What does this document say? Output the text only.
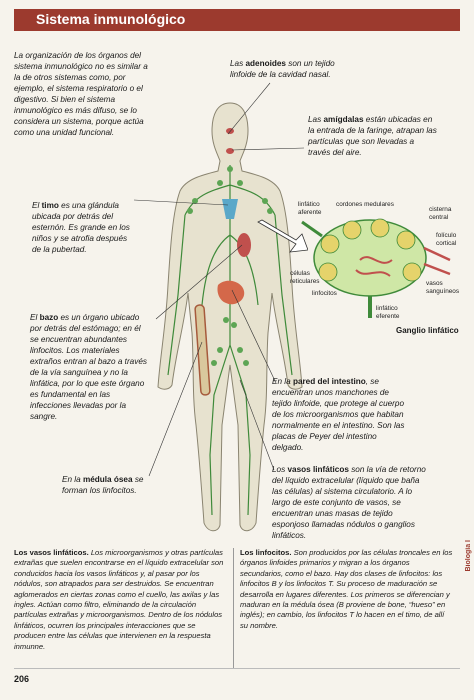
Sistema inmunológico
linfático aferente
cordones medulares
cisterna central
folículo cortical
células reticulares
linfocitos
vasos sanguíneos
linfático eferente
Ganglio linfático

La organización de los órganos del sistema inmunológico no es similar a la de otros sistemas como, por ejemplo, el sistema respiratorio o el digestivo. Si bien el sistema inmunológico es más difuso, se lo considera un sistema, porque actúa como una unidad funcional.

Las adenoides son un tejido linfoide de la cavidad nasal.

Las amígdalas están ubicadas en la entrada de la faringe, atrapan las partículas que son llevadas a través del aire.

El timo es una glándula ubicada por detrás del esternón. Es grande en los niños y se atrofia después de la pubertad.

El bazo es un órgano ubicado por detrás del estómago; en él se encuentran abundantes linfocitos. Los materiales extraños entran al bazo a través de la vía sanguínea y no la linfática, por lo que este órgano es fundamental en las infecciones llevadas por la sangre.

En la pared del intestino, se encuentran unos manchones de tejido linfoide, que protege al cuerpo de los microorganismos que habitan normalmente en el intestino. Son las placas de Peyer del intestino delgado.

En la médula ósea se forman los linfocitos.

Los vasos linfáticos son la vía de retorno del líquido extracelular (líquido que baña las células) al sistema circulatorio. A lo largo de este conjunto de vasos, se encuentran unas masas de tejido esponjoso llamadas nódulos o ganglios linfáticos.

Los vasos linfáticos. Los microorganismos y otras partículas extrañas que suelen encontrarse en el líquido extracelular son conducidos hacia los vasos linfáticos y, al pasar por los nódulos, son atrapados para ser destruidos. Se encuentran aglomerados en ciertas zonas como el cuello, las axilas y las ingles. Actúan como filtro, eliminando de la circulación partículas extrañas y microorganismos. Dentro de los nódulos linfáticos, ocurren los principales interacciones que se producen entre las células que intervienen en la respuesta inmunne.

Los linfocitos. Son producidos por las células troncales en los órganos linfoides primarios y migran a los órganos secundarios, como el bazo. Hay dos clases de linfocitos: los linfocitos B y los linfocitos T. Su proceso de maduración se desarrolla en lugares diferentes. Los primeros se diferencian y maduran en la médula ósea (B proviene de bone, “hueso” en inglés); en cambio, los linfocitos T lo hacen en el timo, de allí su nombre.

206
Biología I
